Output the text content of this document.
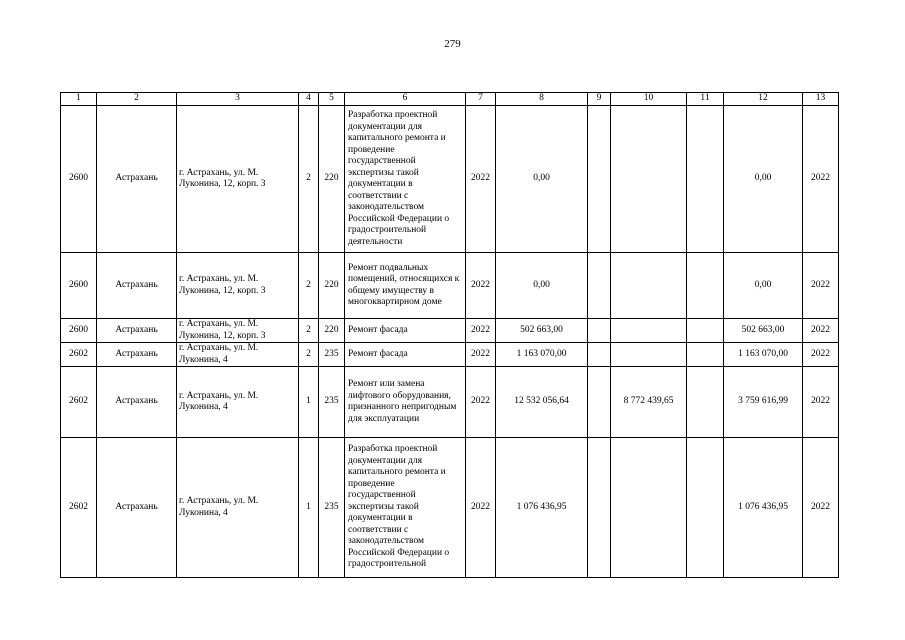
279
1	2	3	4	5	6	7	8	9	10	11	12	13
2600	Астрахань	г. Астрахань, ул. М. Луконина, 12, корп. 3	2	220	Разработка проектной документации для капитального ремонта и проведение государственной экспертизы такой документации в соответствии с законодательством Российской Федерации о градостроительной деятельности	2022	0,00				0,00	2022
2600	Астрахань	г. Астрахань, ул. М. Луконина, 12, корп. 3	2	220	Ремонт подвальных помещений, относящихся к общему имуществу в многоквартирном доме	2022	0,00				0,00	2022
2600	Астрахань	г. Астрахань, ул. М. Луконина, 12, корп. 3	2	220	Ремонт фасада	2022	502 663,00				502 663,00	2022
2602	Астрахань	г. Астрахань, ул. М. Луконина, 4	2	235	Ремонт фасада	2022	1 163 070,00				1 163 070,00	2022
2602	Астрахань	г. Астрахань, ул. М. Луконина, 4	1	235	Ремонт или замена лифтового оборудования, признанного непригодным для эксплуатации	2022	12 532 056,64		8 772 439,65		3 759 616,99	2022
2602	Астрахань	г. Астрахань, ул. М. Луконина, 4	1	235	Разработка проектной документации для капитального ремонта и проведение государственной экспертизы такой документации в соответствии с законодательством Российской Федерации о градостроительной	2022	1 076 436,95				1 076 436,95	2022
